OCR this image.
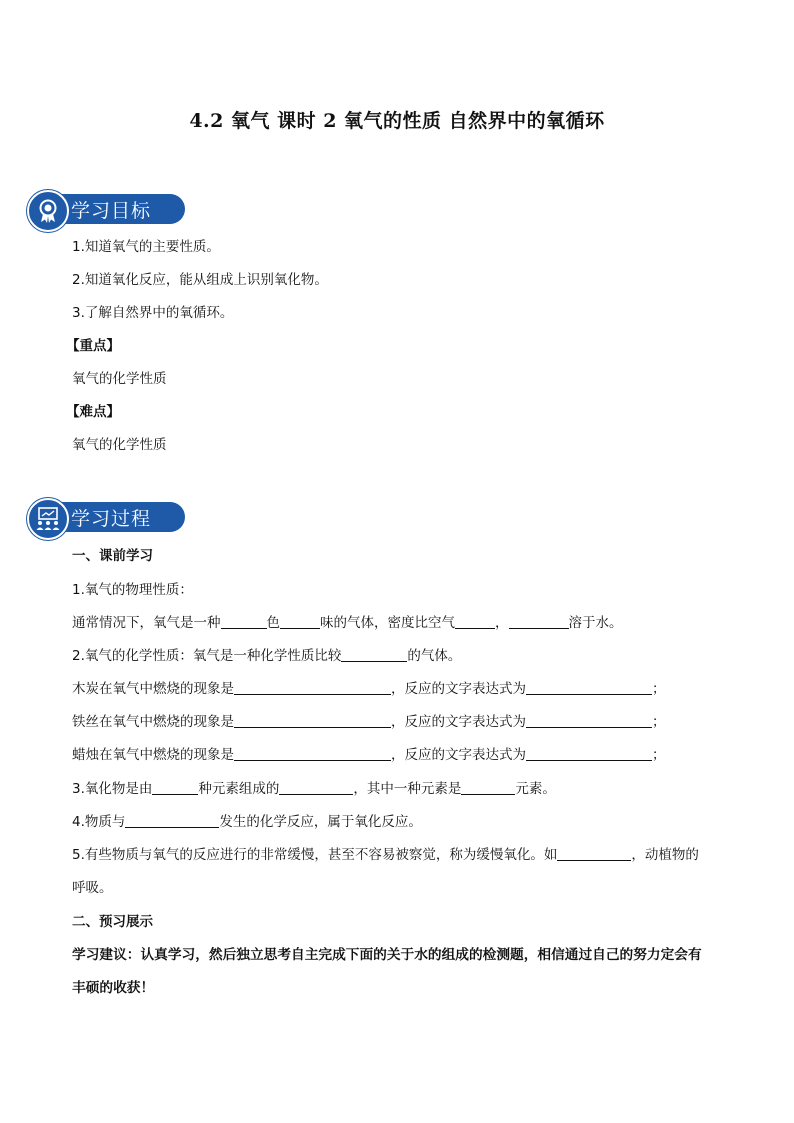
4.2 氧气 课时 2 氧气的性质 自然界中的氧循环
学习目标
1.知道氧气的主要性质。
2.知道氧化反应，能从组成上识别氧化物。
3.了解自然界中的氧循环。
【重点】
氧气的化学性质
【难点】
氧气的化学性质
学习过程
一、课前学习
1.氧气的物理性质：
通常情况下，氧气是一种	色	味的气体，密度比空气	，	溶于水。
2.氧气的化学性质：氧气是一种化学性质比较	的气体。
木炭在氧气中燃烧的现象是	，反应的文字表达式为	；
铁丝在氧气中燃烧的现象是	，反应的文字表达式为	；
蜡烛在氧气中燃烧的现象是	，反应的文字表达式为	；
3.氧化物是由	种元素组成的	，其中一种元素是	元素。
4.物质与	发生的化学反应，属于氧化反应。
5.有些物质与氧气的反应进行的非常缓慢，甚至不容易被察觉，称为缓慢氧化。如	，动植物的
呼吸。
二、预习展示
学习建议：认真学习，然后独立思考自主完成下面的关于水的组成的检测题，相信通过自己的努力定会有
丰硕的收获！
